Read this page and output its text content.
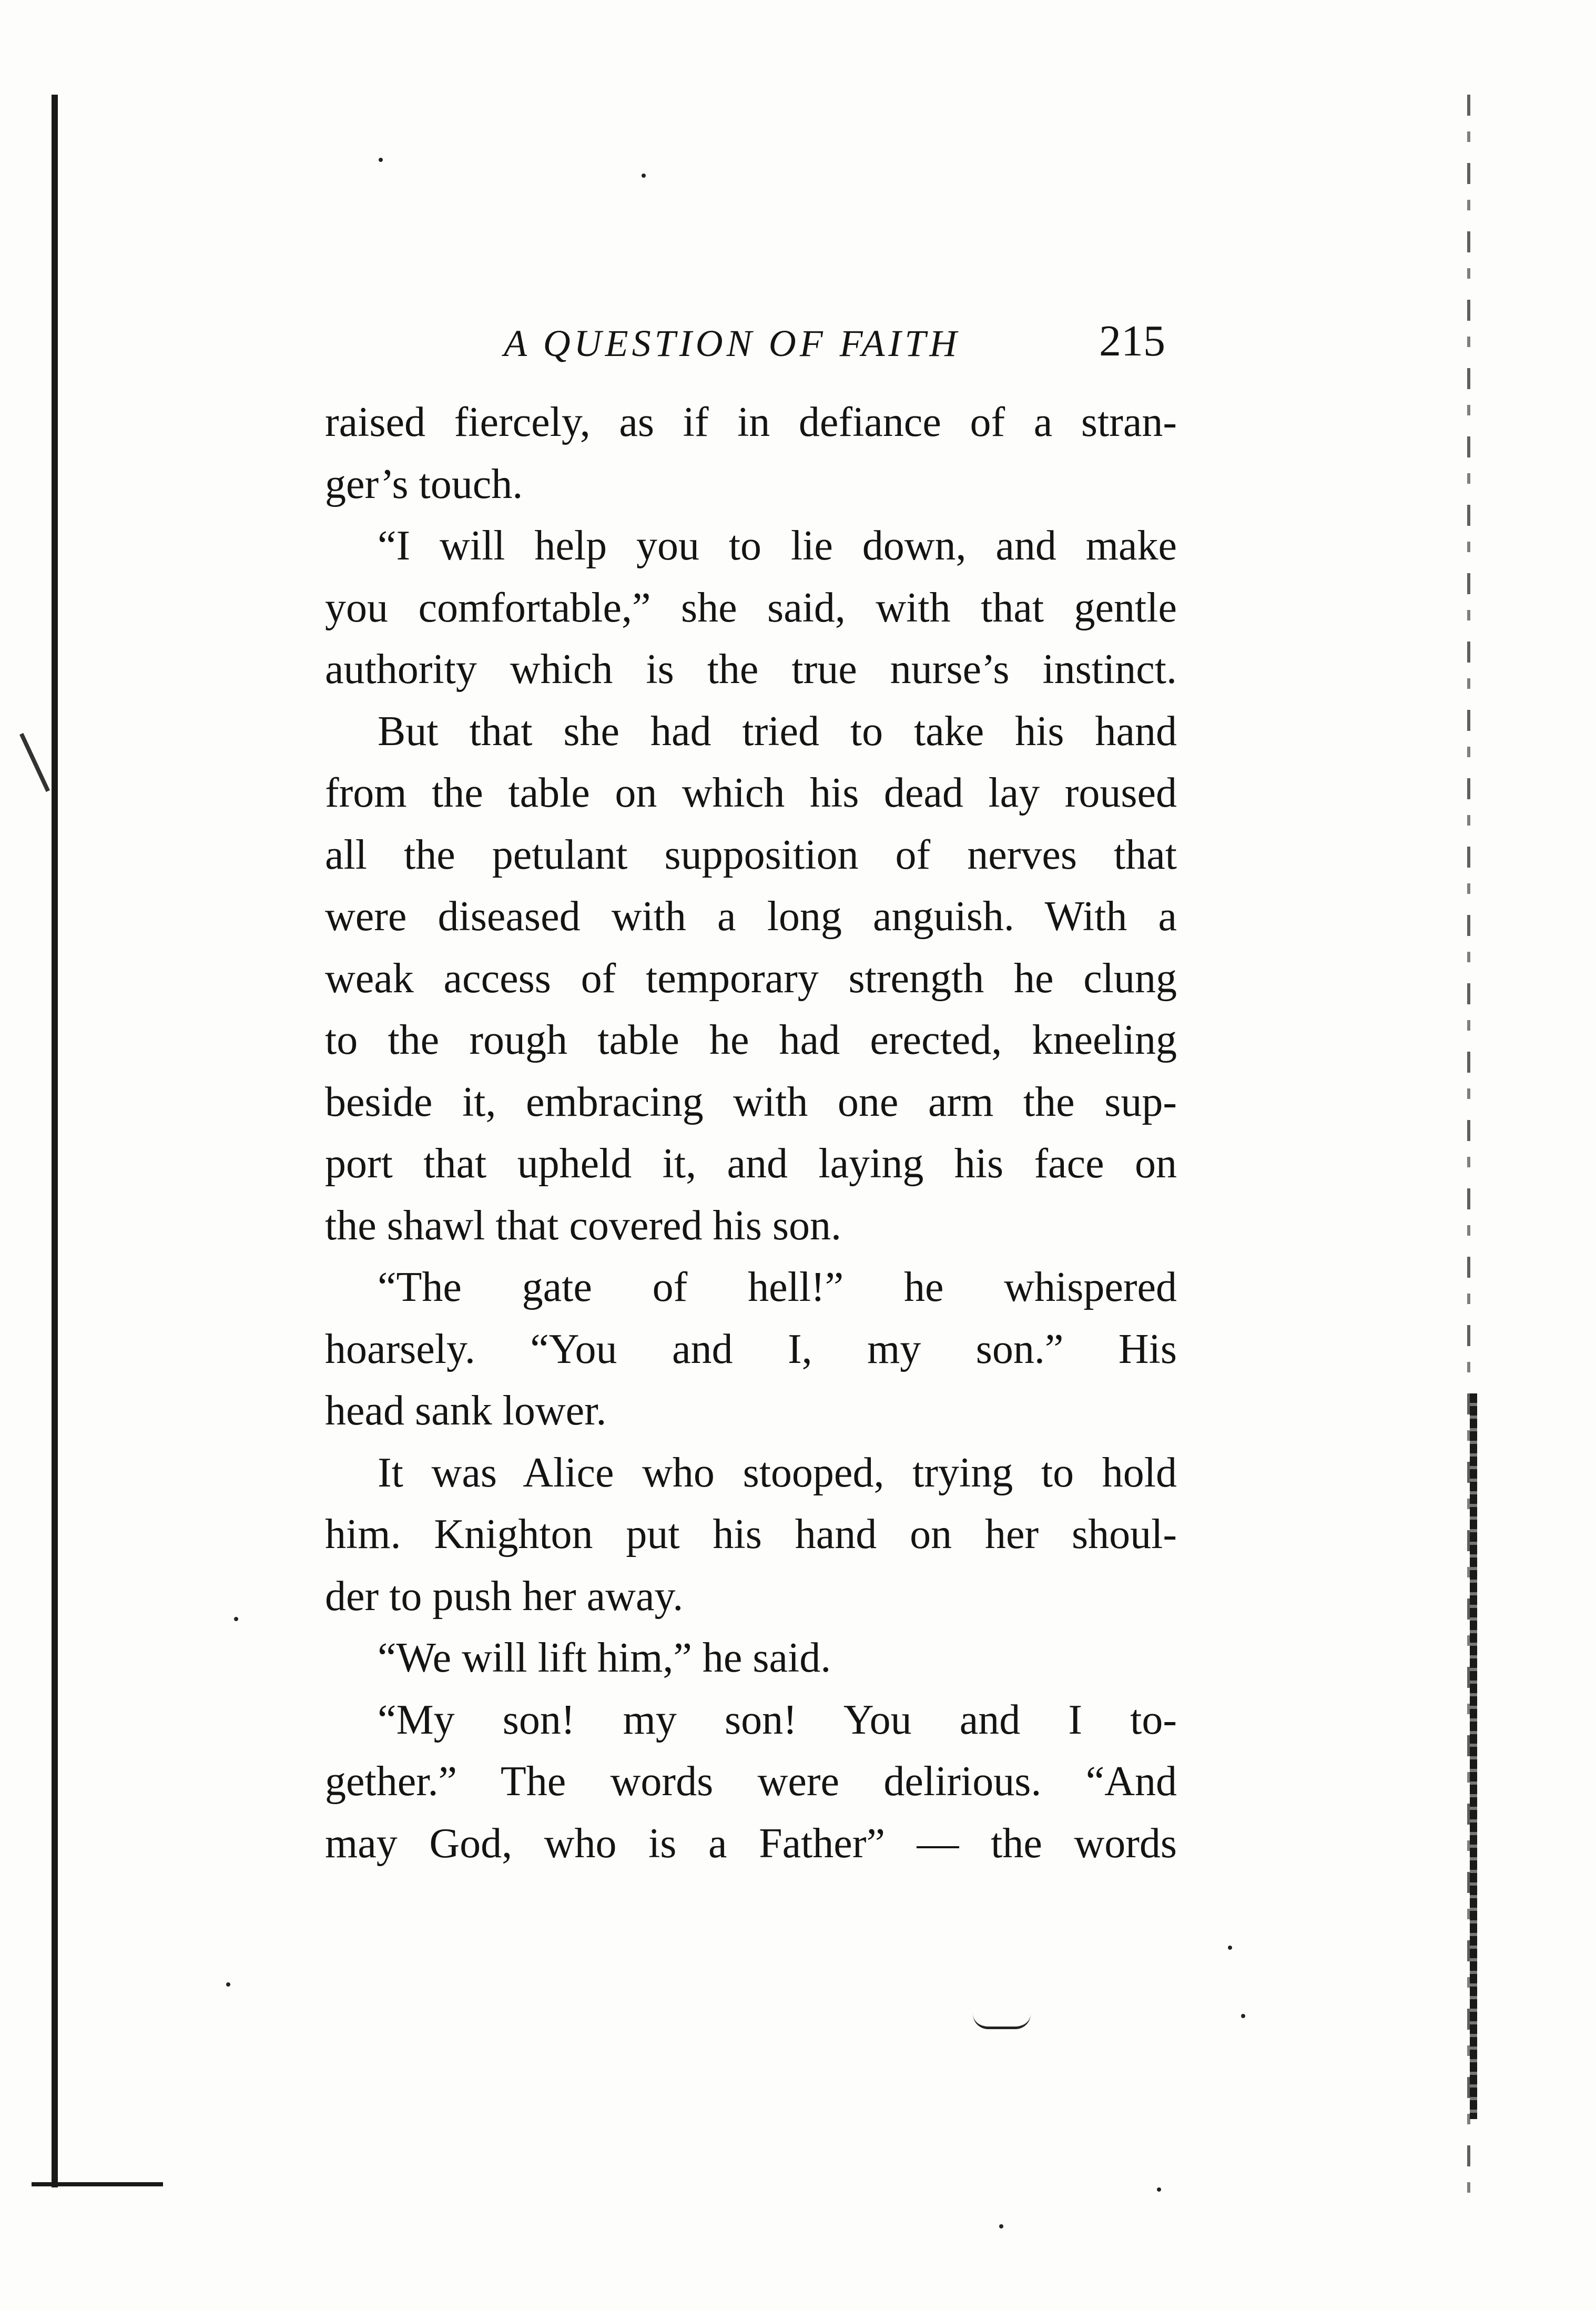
A QUESTION OF FAITH	215
raised fiercely, as if in defiance of a stran-
ger’s touch.
“I will help you to lie down, and make
you comfortable,” she said, with that gentle
authority which is the true nurse’s instinct.
But that she had tried to take his hand
from the table on which his dead lay roused
all the petulant supposition of nerves that
were diseased with a long anguish. With a
weak access of temporary strength he clung
to the rough table he had erected, kneeling
beside it, embracing with one arm the sup-
port that upheld it, and laying his face on
the shawl that covered his son.
“The gate of hell!” he whispered
hoarsely. “You and I, my son.” His
head sank lower.
It was Alice who stooped, trying to hold
him. Knighton put his hand on her shoul-
der to push her away.
“We will lift him,” he said.
“My son! my son! You and I to-
gether.” The words were delirious. “And
may God, who is a Father” — the words
